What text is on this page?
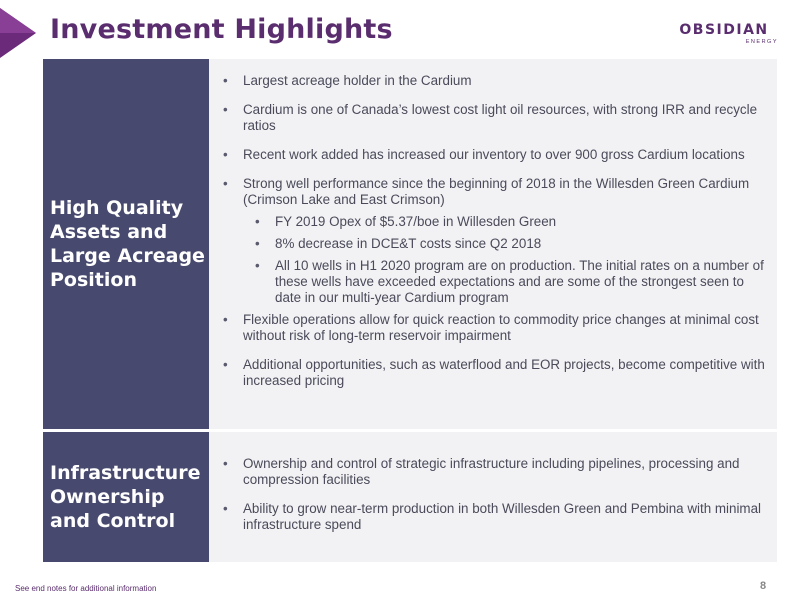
Investment Highlights	OBSIDIAN
ENERGY
High Quality Assets and Large Acreage Position
• Largest acreage holder in the Cardium
• Cardium is one of Canada’s lowest cost light oil resources, with strong IRR and recycle ratios
• Recent work added has increased our inventory to over 900 gross Cardium locations
• Strong well performance since the beginning of 2018 in the Willesden Green Cardium (Crimson Lake and East Crimson)
• FY 2019 Opex of $5.37/boe in Willesden Green
• 8% decrease in DCE&T costs since Q2 2018
• All 10 wells in H1 2020 program are on production. The initial rates on a number of these wells have exceeded expectations and are some of the strongest seen to date in our multi-year Cardium program
• Flexible operations allow for quick reaction to commodity price changes at minimal cost without risk of long-term reservoir impairment
• Additional opportunities, such as waterflood and EOR projects, become competitive with increased pricing
Infrastructure Ownership and Control
• Ownership and control of strategic infrastructure including pipelines, processing and compression facilities
• Ability to grow near-term production in both Willesden Green and Pembina with minimal infrastructure spend
See end notes for additional information	8
